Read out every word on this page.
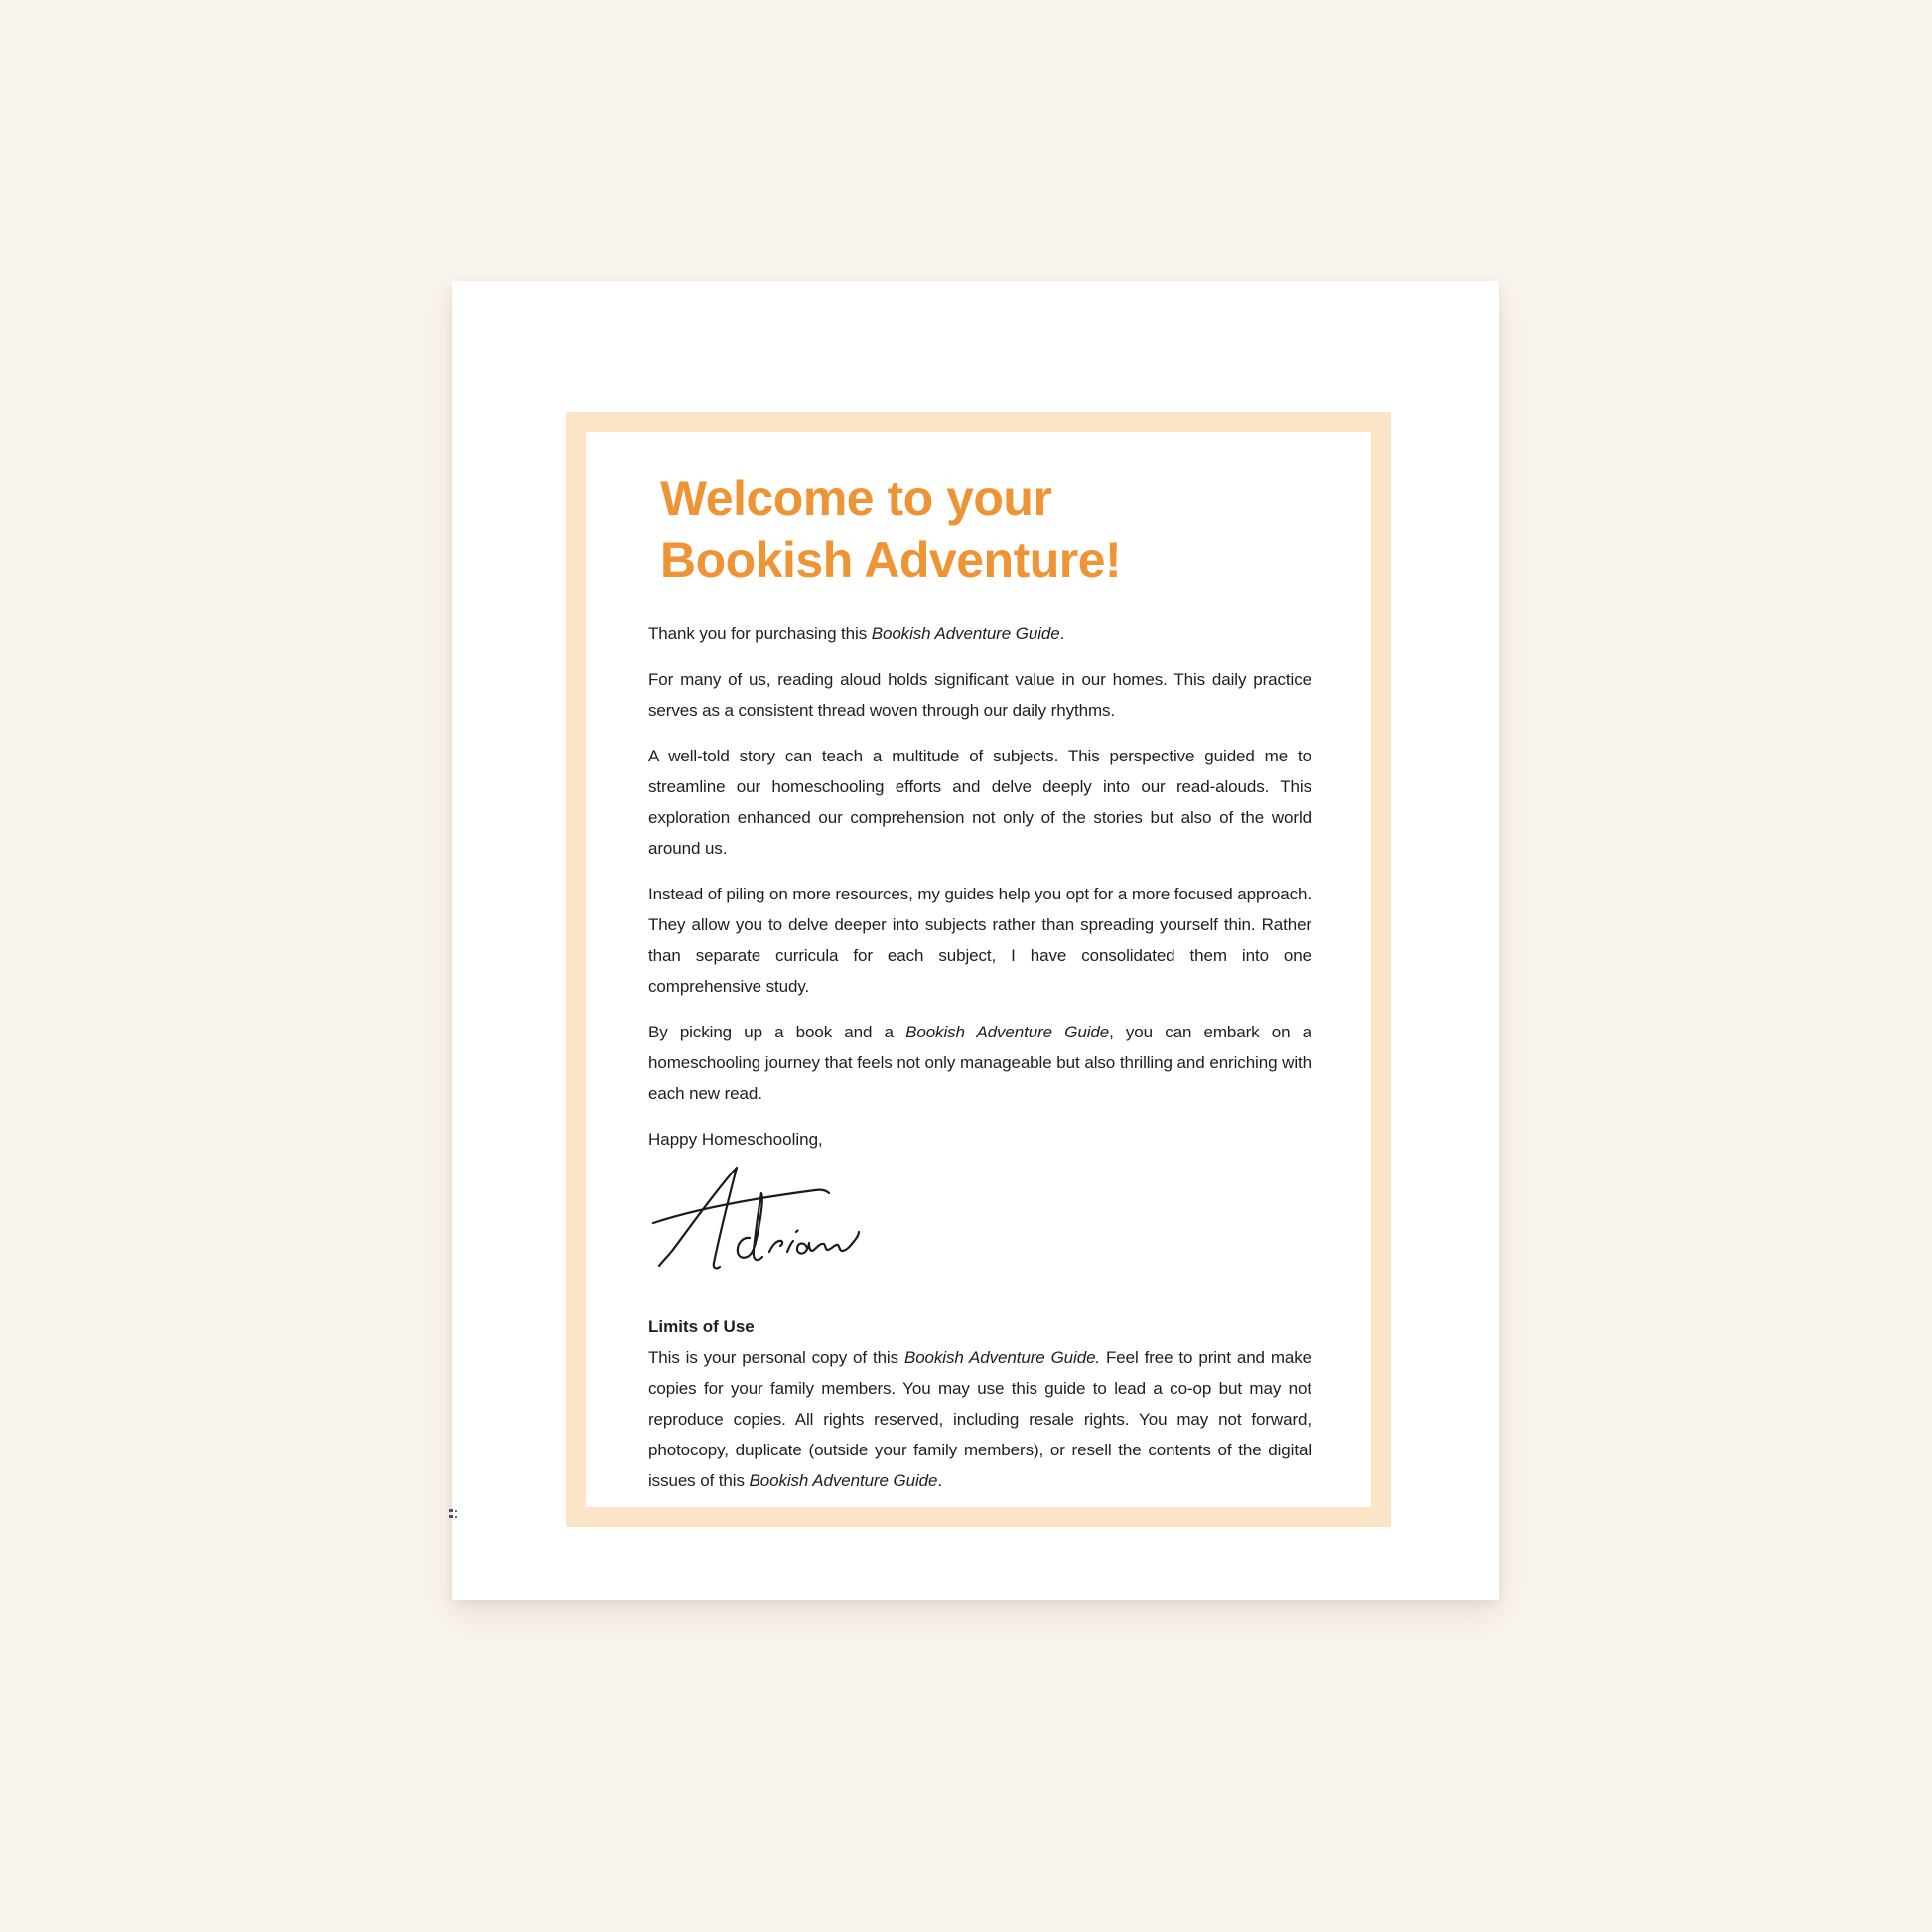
Welcome to your
Bookish Adventure!

Thank you for purchasing this Bookish Adventure Guide.

For many of us, reading aloud holds significant value in our homes. This daily practice serves as a consistent thread woven through our daily rhythms.

A well-told story can teach a multitude of subjects. This perspective guided me to streamline our homeschooling efforts and delve deeply into our read-alouds. This exploration enhanced our comprehension not only of the stories but also of the world around us.

Instead of piling on more resources, my guides help you opt for a more focused approach. They allow you to delve deeper into subjects rather than spreading yourself thin. Rather than separate curricula for each subject, I have consolidated them into one comprehensive study.

By picking up a book and a Bookish Adventure Guide, you can embark on a homeschooling journey that feels not only manageable but also thrilling and enriching with each new read.

Happy Homeschooling,

Limits of Use

This is your personal copy of this Bookish Adventure Guide. Feel free to print and make copies for your family members. You may use this guide to lead a co-op but may not reproduce copies. All rights reserved, including resale rights. You may not forward, photocopy, duplicate (outside your family members), or resell the contents of the digital issues of this Bookish Adventure Guide.
